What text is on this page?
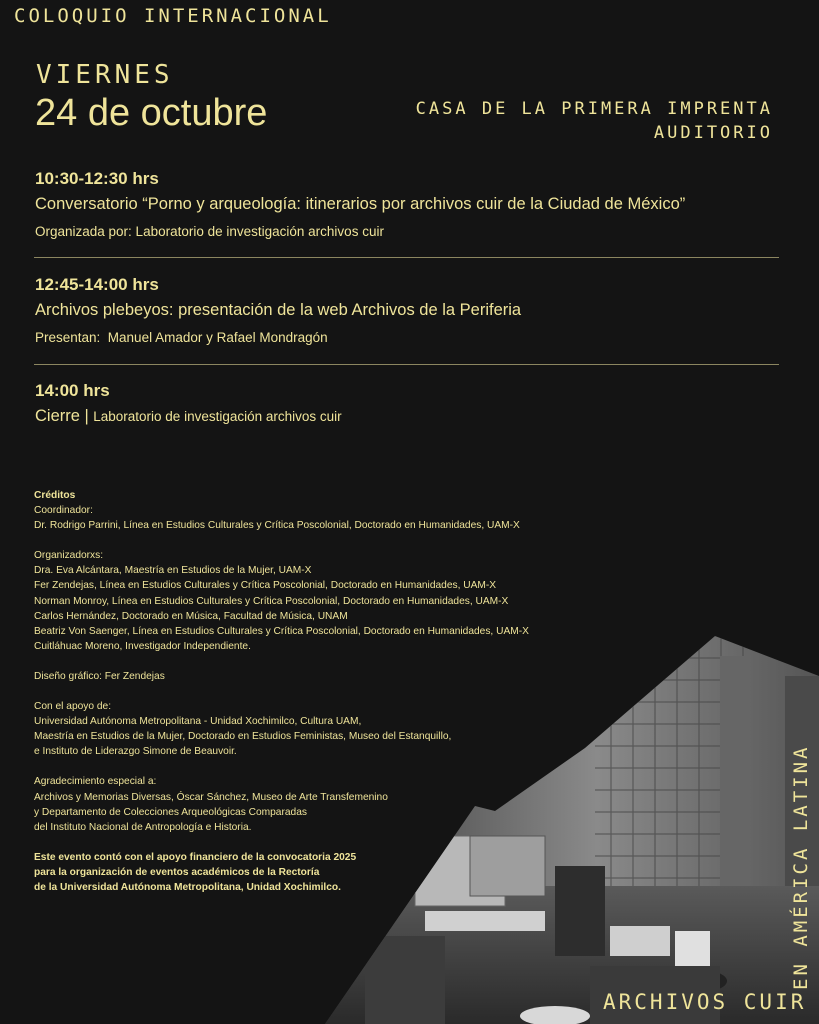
COLOQUIO INTERNACIONAL
VIERNES
24 de octubre	CASA DE LA PRIMERA IMPRENTA
AUDITORIO
10:30-12:30 hrs
Conversatorio “Porno y arqueología: itinerarios por archivos cuir de la Ciudad de México”
Organizada por: Laboratorio de investigación archivos cuir
12:45-14:00 hrs
Archivos plebeyos: presentación de la web Archivos de la Periferia
Presentan:  Manuel Amador y Rafael Mondragón
14:00 hrs
Cierre | Laboratorio de investigación archivos cuir

Créditos

Coordinador:

Dr. Rodrigo Parrini, Línea en Estudios Culturales y Crítica Poscolonial, Doctorado en Humanidades, UAM-X

Organizadorxs:

Dra. Eva Alcántara, Maestría en Estudios de la Mujer, UAM-X

Fer Zendejas, Línea en Estudios Culturales y Crítica Poscolonial, Doctorado en Humanidades, UAM-X

Norman Monroy, Línea en Estudios Culturales y Crítica Poscolonial, Doctorado en Humanidades, UAM-X

Carlos Hernández, Doctorado en Música, Facultad de Música, UNAM

Beatriz Von Saenger, Línea en Estudios Culturales y Crítica Poscolonial, Doctorado en Humanidades, UAM-X

Cuitláhuac Moreno, Investigador Independiente.

Diseño gráfico: Fer Zendejas

Con el apoyo de:

Universidad Autónoma Metropolitana - Unidad Xochimilco, Cultura UAM,

Maestría en Estudios de la Mujer, Doctorado en Estudios Feministas, Museo del Estanquillo,

e Instituto de Liderazgo Simone de Beauvoir.

Agradecimiento especial a:

Archivos y Memorias Diversas, Óscar Sánchez, Museo de Arte Transfemenino

y Departamento de Colecciones Arqueológicas Comparadas

del Instituto Nacional de Antropología e Historia.

Este evento contó con el apoyo financiero de la convocatoria 2025

para la organización de eventos académicos de la Rectoría

de la Universidad Autónoma Metropolitana, Unidad Xochimilco.

ARCHIVOS CUIR
EN AMÉRICA LATINA
